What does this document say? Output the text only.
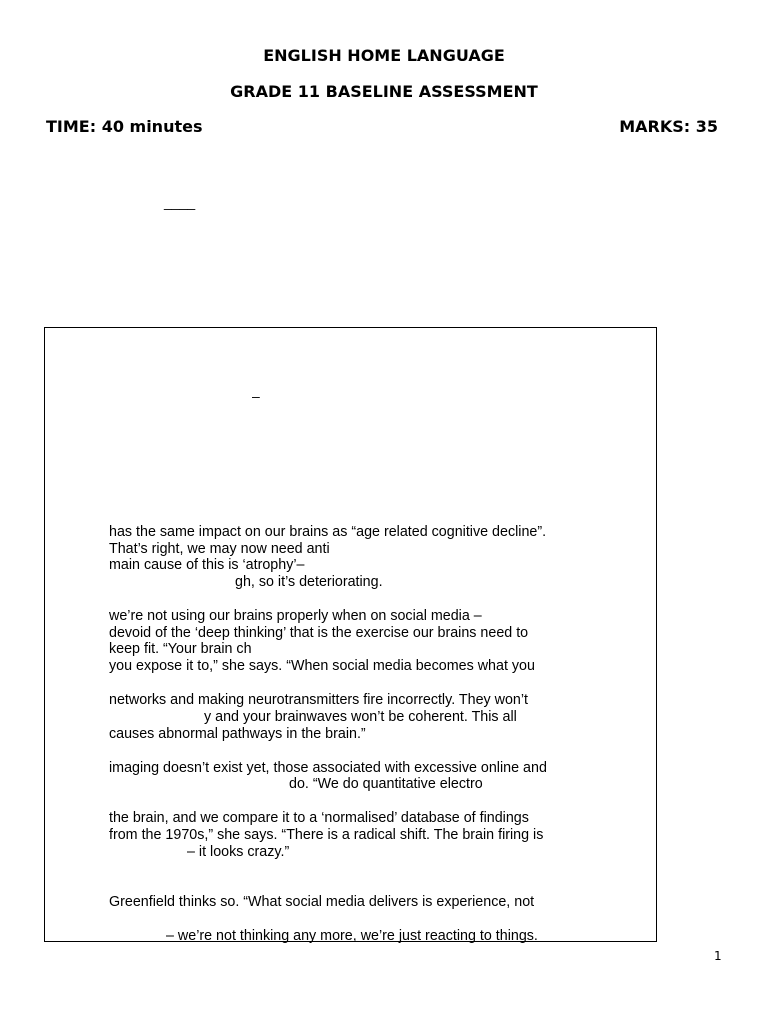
ENGLISH HOME LANGUAGE
GRADE 11 BASELINE ASSESSMENT
TIME: 40 minutes	MARKS: 35
____
–
has the same impact on our brains as “age related cognitive decline”.
That’s right, we may now need anti
main cause of this is ‘atrophy’–
gh, so it’s deteriorating.
we’re not using our brains properly when on social media –
devoid of the ‘deep thinking’ that is the exercise our brains need to
keep fit. “Your brain ch
you expose it to,” she says. “When social media becomes what you
networks and making neurotransmitters fire incorrectly. They won’t
y and your brainwaves won’t be coherent. This all
causes abnormal pathways in the brain.”
imaging doesn’t exist yet, those associated with excessive online and
do. “We do quantitative electro
the brain, and we compare it to a ‘normalised’ database of findings
from the 1970s,” she says. “There is a radical shift. The brain firing is
– it looks crazy.”
Greenfield thinks so. “What social media delivers is experience, not
– we’re not thinking any more, we’re just reacting to things.
1
